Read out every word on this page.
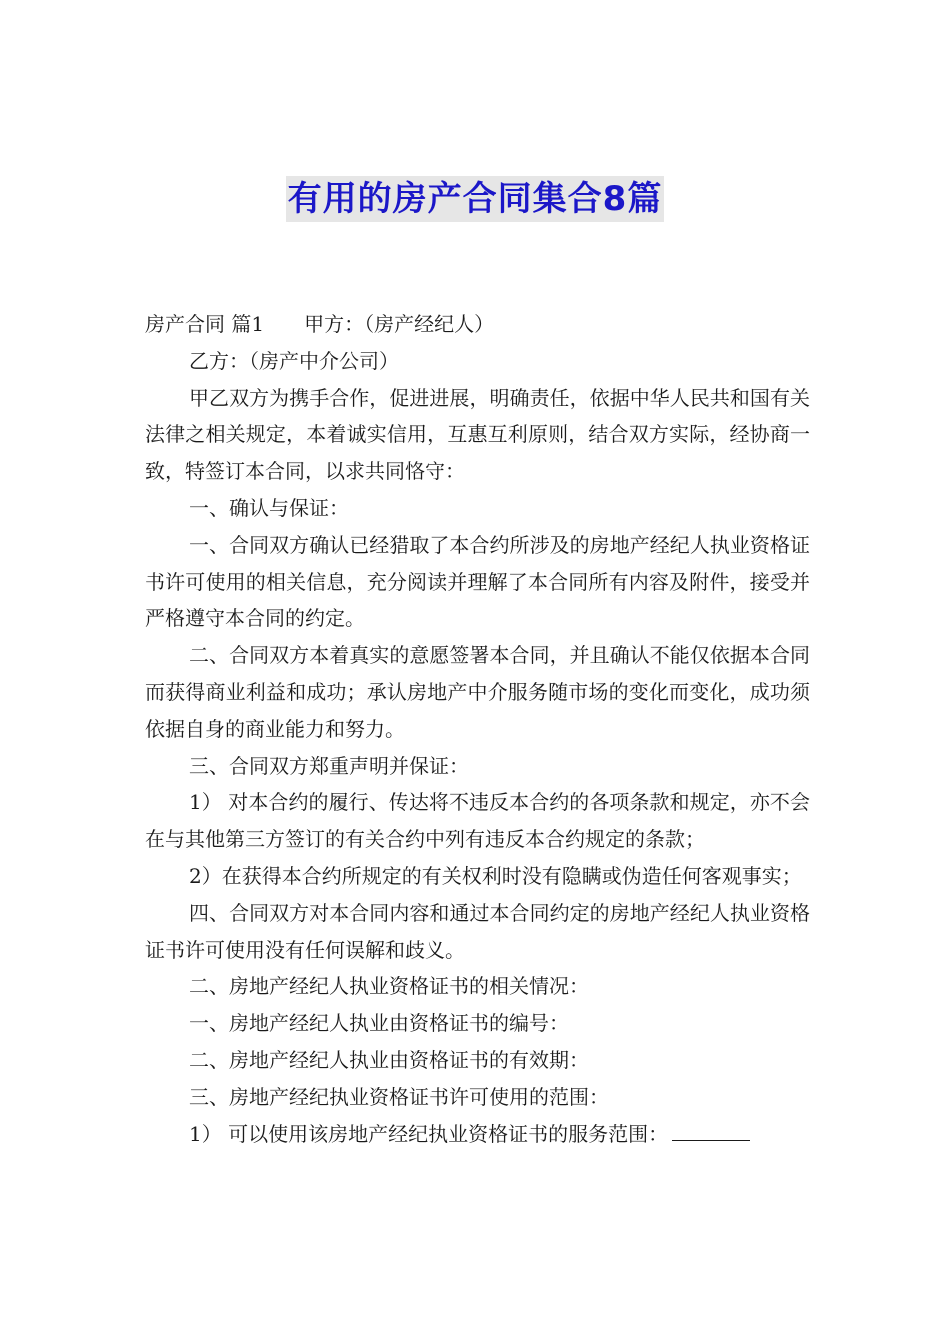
有用的房产合同集合8篇

房产合同 篇1 甲方：（房产经纪人）

乙方：（房产中介公司）

甲乙双方为携手合作，促进进展，明确责任，依据中华人民共和国有关法律之相关规定，本着诚实信用，互惠互利原则，结合双方实际，经协商一致，特签订本合同，以求共同恪守：

一、确认与保证：

一、合同双方确认已经猎取了本合约所涉及的房地产经纪人执业资格证书许可使用的相关信息，充分阅读并理解了本合同所有内容及附件，接受并严格遵守本合同的约定。

二、合同双方本着真实的意愿签署本合同，并且确认不能仅依据本合同而获得商业利益和成功；承认房地产中介服务随市场的变化而变化，成功须依据自身的商业能力和努力。

三、合同双方郑重声明并保证：

1） 对本合约的履行、传达将不违反本合约的各项条款和规定，亦不会在与其他第三方签订的有关合约中列有违反本合约规定的条款；

2）在获得本合约所规定的有关权利时没有隐瞒或伪造任何客观事实；

四、合同双方对本合同内容和通过本合同约定的房地产经纪人执业资格证书许可使用没有任何误解和歧义。

二、房地产经纪人执业资格证书的相关情况：

一、房地产经纪人执业由资格证书的编号：

二、房地产经纪人执业由资格证书的有效期：

三、房地产经纪执业资格证书许可使用的范围：

1） 可以使用该房地产经纪执业资格证书的服务范围：
